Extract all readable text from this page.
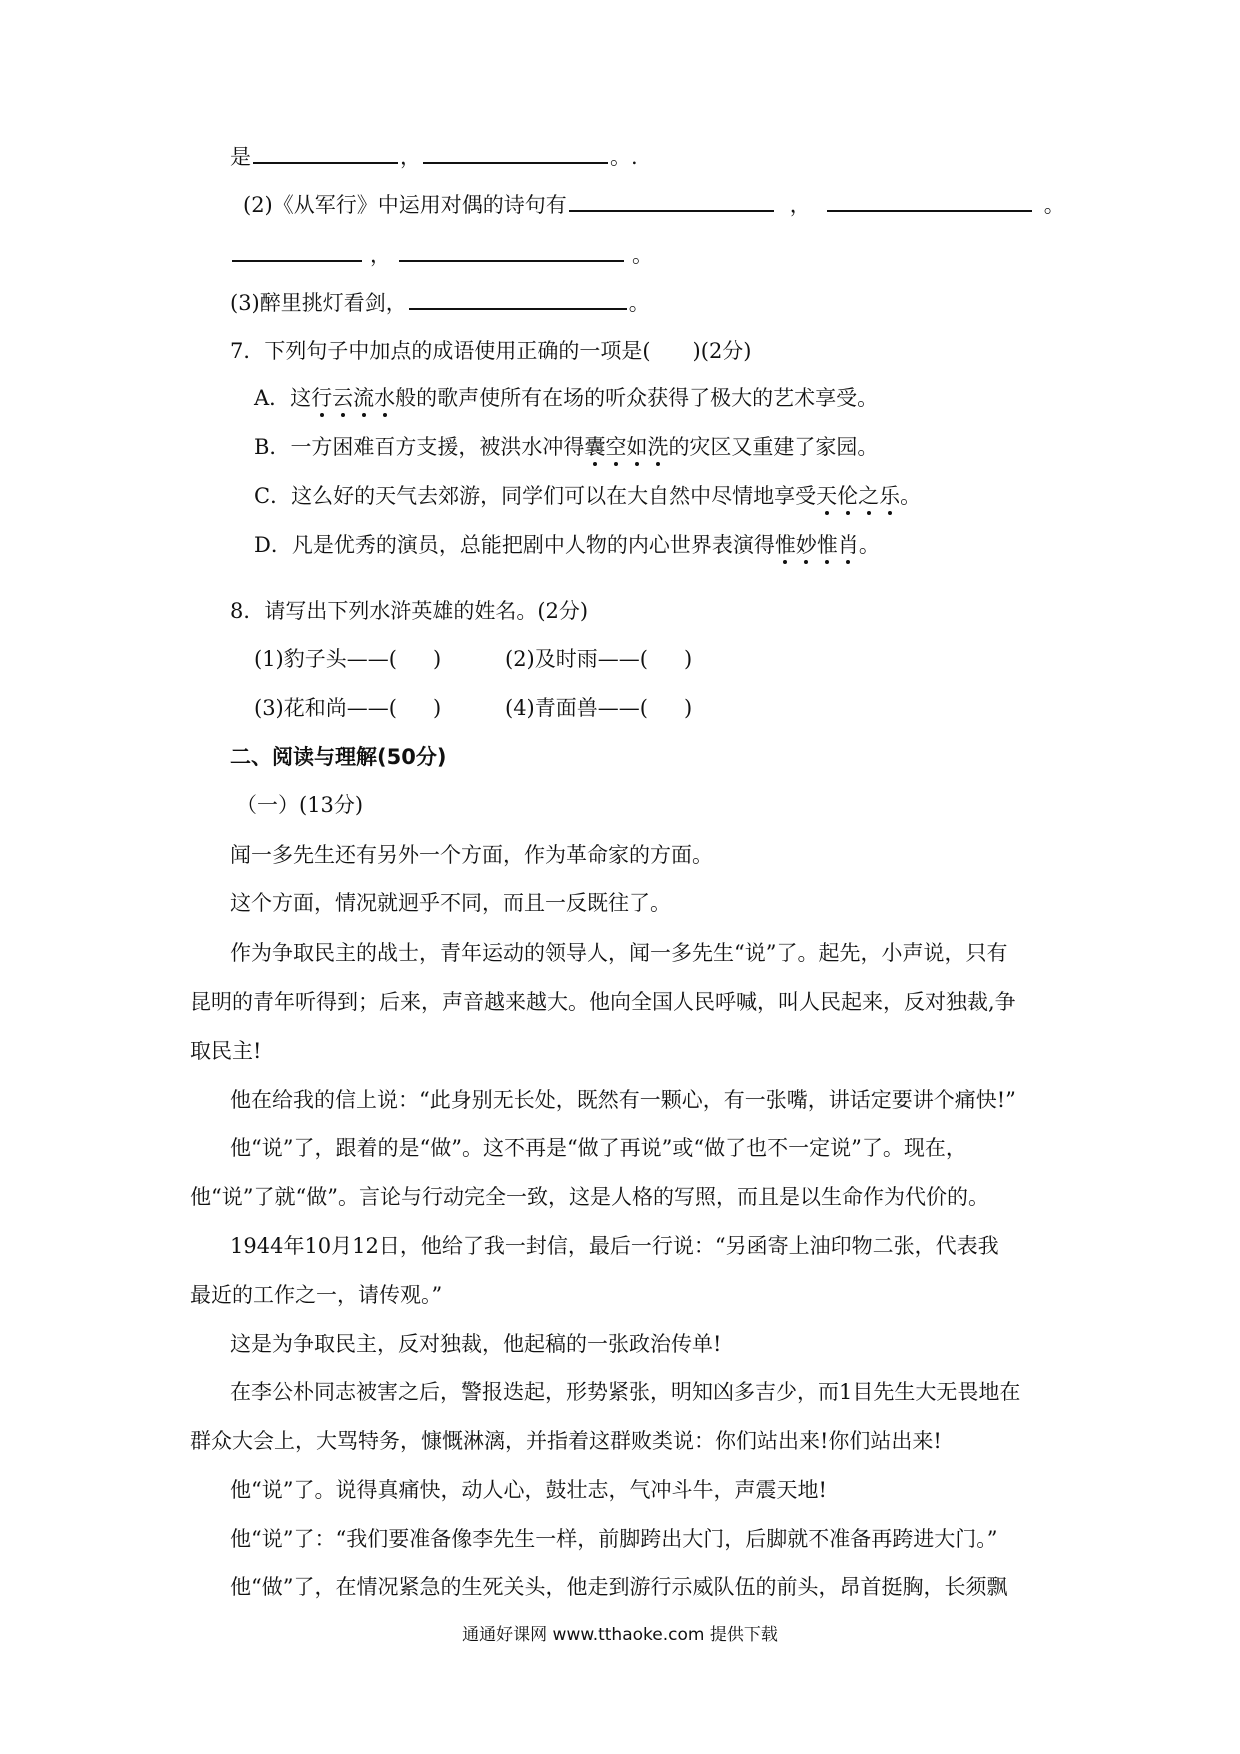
是	，	。.
(2)《从军行》中运用对偶的诗句有	，	。
，	。
(3)醉里挑灯看剑，	。
7．下列句子中加点的成语使用正确的一项是(　　)(2分)
A．这行云流水般的歌声使所有在场的听众获得了极大的艺术享受。
B．一方困难百方支援，被洪水冲得囊空如洗的灾区又重建了家园。
C．这么好的天气去郊游，同学们可以在大自然中尽情地享受天伦之乐。
D．凡是优秀的演员，总能把剧中人物的内心世界表演得惟妙惟肖。
8．请写出下列水浒英雄的姓名。(2分)
(1)豹子头——( )	(2)及时雨——( )
(3)花和尚——( )	(4)青面兽——( )
二、阅读与理解(50分)
（一）(13分)
闻一多先生还有另外一个方面，作为革命家的方面。
这个方面，情况就迥乎不同，而且一反既往了。
作为争取民主的战士，青年运动的领导人，闻一多先生“说”了。起先，小声说，只有
昆明的青年听得到；后来，声音越来越大。他向全国人民呼喊，叫人民起来，反对独裁,争
取民主!
他在给我的信上说：“此身别无长处，既然有一颗心，有一张嘴，讲话定要讲个痛快!”
他“说”了，跟着的是“做”。这不再是“做了再说”或“做了也不一定说”了。现在，
他“说”了就“做”。言论与行动完全一致，这是人格的写照，而且是以生命作为代价的。
1944年10月12日，他给了我一封信，最后一行说：“另函寄上油印物二张，代表我
最近的工作之一，请传观。”
这是为争取民主，反对独裁，他起稿的一张政治传单!
在李公朴同志被害之后，警报迭起，形势紧张，明知凶多吉少，而1目先生大无畏地在
群众大会上，大骂特务，慷慨淋漓，并指着这群败类说：你们站出来!你们站出来!
他“说”了。说得真痛快，动人心，鼓壮志，气冲斗牛，声震天地!
他“说”了：“我们要准备像李先生一样，前脚跨出大门，后脚就不准备再跨进大门。”
他“做”了，在情况紧急的生死关头，他走到游行示威队伍的前头，昂首挺胸，长须飘
通通好课网 www.tthaoke.com 提供下载
